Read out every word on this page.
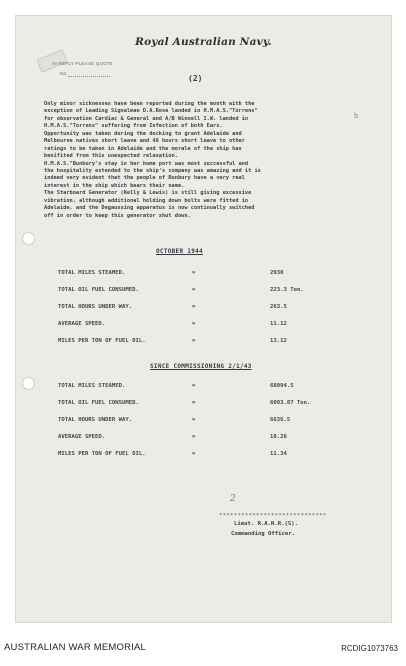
Royal Australian Navy.
IN REPLY PLEASE QUOTE
No.	(2)
Only minor sicknesses have been reported during the month with the
exception of Leading Signalman D.A.Rose landed in H.M.A.S."Torrens"
for observation Cardiac & General and A/B Winnell I.W. landed in
H.M.A.S."Torrens" suffering from Infection of both Ears.
Opportunity was taken during the docking to grant Adelaide and
Melbourne natives short leave and 48 hours short leave to other
ratings to be taken in Adelaide and the morale of the ship has
benifited from this unexpected relaxation.
H.M.A.S."Bunbury's stay in her home port was most successful and
the hospitality extended to the ship's company was amazing and it is
indeed very evident that the people of Bunbury have a very real
interest in the ship which bears their name.
The Starboard Generator (Kelly & Lewis) is still giving excessive
vibration, although additional holding down bolts were fitted in
Adelaide, and the Degaussing apparatus is now continually switched
off in order to keep this generator shut down.
b
OCTOBER 1944
TOTAL MILES STEAMED.	=	2930
TOTAL OIL FUEL CONSUMED.	=	223.3 Ton.
TOTAL HOURS UNDER WAY.	=	263.5
AVERAGE SPEED.	=	11.12
MILES PER TON OF FUEL OIL.	=	13.12
SINCE COMMISSIONING 2/1/43
TOTAL MILES STEAMED.	=	68094.5
TOTAL OIL FUEL CONSUMED.	=	6003.87 Ton.
TOTAL HOURS UNDER WAY.	=	6636.5
AVERAGE SPEED.	=	10.26
MILES PER TON OF FUEL OIL.	=	11.34
2
*****************************
Lieut. R.A.N.R.(S).
Commanding Officer.
AUSTRALIAN WAR MEMORIAL	RCDIG1073763
